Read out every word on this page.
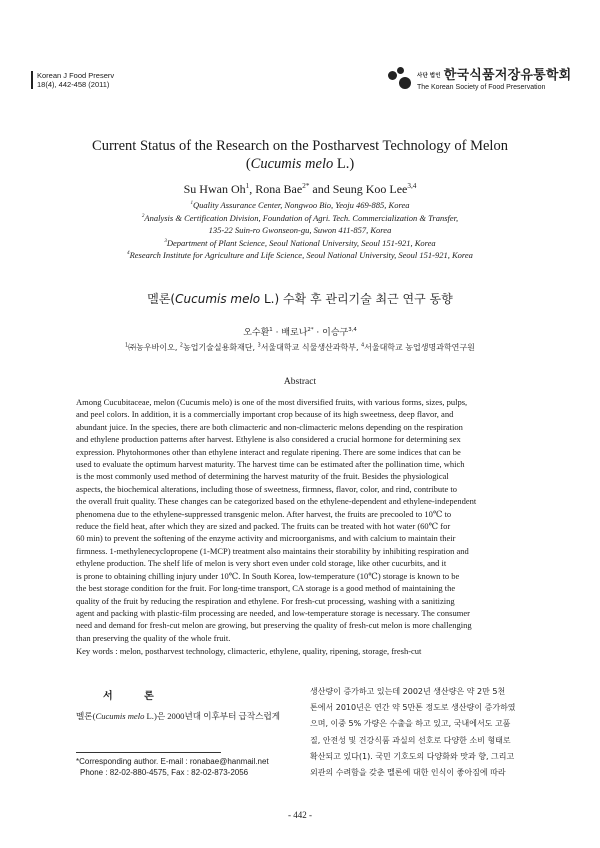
Korean J Food Preserv
18(4), 442-458 (2011)
사단 법인 한국식품저장유통학회
The Korean Society of Food Preservation
Current Status of the Research on the Postharvest Technology of Melon
(Cucumis melo L.)
Su Hwan Oh$^1$, Rona Bae$^{2*}$ and Seung Koo Lee$^{3,4}$
$^1$Quality Assurance Center, Nongwoo Bio, Yeoju 469-885, Korea
$^2$Analysis & Certification Division, Foundation of Agri. Tech. Commercialization & Transfer,
135-22 Suin-ro Gwonseon-gu, Suwon 411-857, Korea
$^3$Department of Plant Science, Seoul National University, Seoul 151-921, Korea
$^4$Research Institute for Agriculture and Life Science, Seoul National University, Seoul 151-921, Korea
멜론(Cucumis melo L.) 수확 후 관리기술 최근 연구 동향
오수환$^1$ · 배로나$^{2*}$ · 이승구$^{3,4}$
$^1$㈜농우바이오, $^2$농업기술실용화재단, $^3$서울대학교 식물생산과학부, $^4$서울대학교 농업생명과학연구원
Abstract
Among Cucubitaceae, melon (Cucumis melo) is one of the most diversified fruits, with various forms, sizes, pulps,
and peel colors. In addition, it is a commercially important crop because of its high sweetness, deep flavor, and
abundant juice. In the species, there are both climacteric and non-climacteric melons depending on the respiration
and ethylene production patterns after harvest. Ethylene is also considered a crucial hormone for determining sex
expression. Phytohormones other than ethylene interact and regulate ripening. There are some indices that can be
used to evaluate the optimum harvest maturity. The harvest time can be estimated after the pollination time, which
is the most commonly used method of determining the harvest maturity of the fruit. Besides the physiological
aspects, the biochemical alterations, including those of sweetness, firmness, flavor, color, and rind, contribute to
the overall fruit quality. These changes can be categorized based on the ethylene-dependent and ethylene-independent
phenomena due to the ethylene-suppressed transgenic melon. After harvest, the fruits are precooled to 10℃ to
reduce the field heat, after which they are sized and packed. The fruits can be treated with hot water (60℃ for
60 min) to prevent the softening of the enzyme activity and microorganisms, and with calcium to maintain their
firmness. 1-methylenecyclopropene (1-MCP) treatment also maintains their storability by inhibiting respiration and
ethylene production. The shelf life of melon is very short even under cold storage, like other cucurbits, and it
is prone to obtaining chilling injury under 10℃. In South Korea, low-temperature (10℃) storage is known to be
the best storage condition for the fruit. For long-time transport, CA storage is a good method of maintaining the
quality of the fruit by reducing the respiration and ethylene. For fresh-cut processing, washing with a sanitizing
agent and packing with plastic-film processing are needed, and low-temperature storage is necessary. The consumer
need and demand for fresh-cut melon are growing, but preserving the quality of fresh-cut melon is more challenging
than preserving the quality of the whole fruit.
Key words : melon, postharvest technology, climacteric, ethylene, quality, ripening, storage, fresh-cut
서 론
멜론(Cucumis melo L.)은 2000년대 이후부터 급작스럽게
생산량이 증가하고 있는데 2002년 생산량은 약 2만 5천
톤에서 2010년은 연간 약 5만톤 정도로 생산량이 증가하였
으며, 이중 5% 가량은 수출을 하고 있고, 국내에서도 고품
질, 안전성 및 건강식품 과실의 선호로 다양한 소비 형태로
확산되고 있다(1). 국민 기호도의 다양화와 맛과 향, 그리고
외관의 수려함을 갖춘 멜론에 대한 인식이 좋아짐에 따라
*Corresponding author. E-mail : ronabae@hanmail.net
Phone : 82-02-880-4575, Fax : 82-02-873-2056
- 442 -
